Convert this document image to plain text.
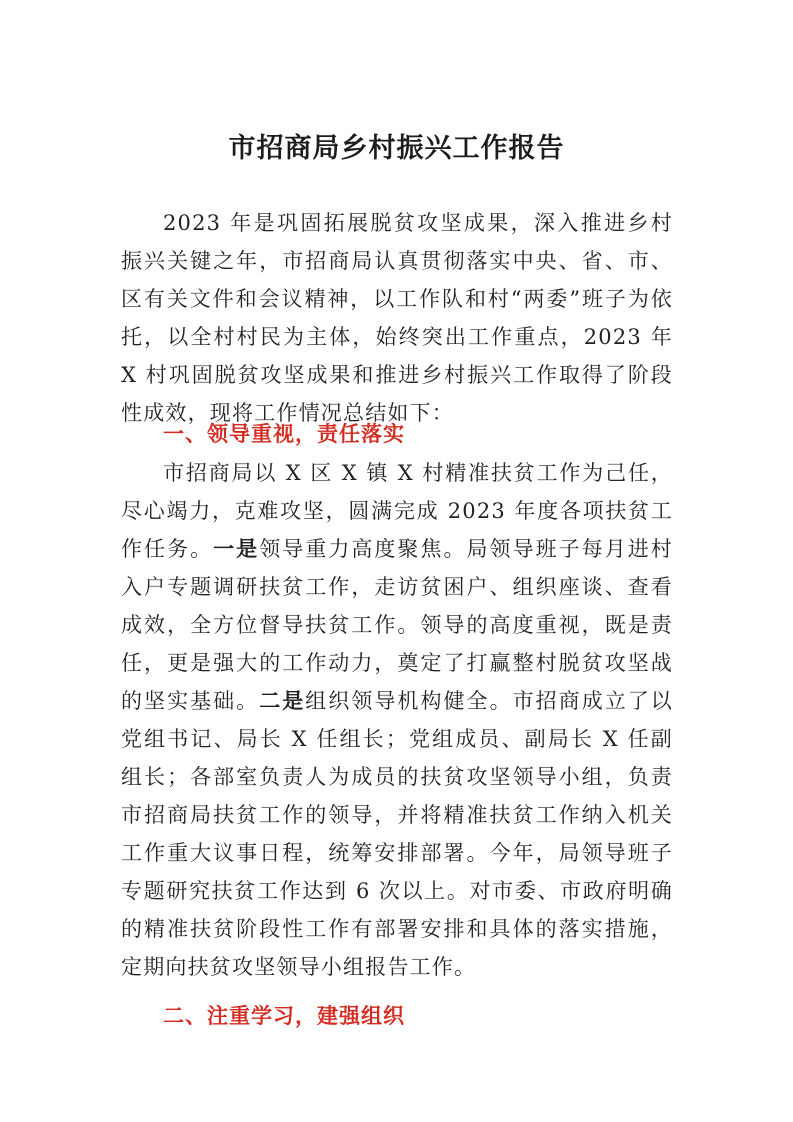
市招商局乡村振兴工作报告

2023 年是巩固拓展脱贫攻坚成果，深入推进乡村振兴关键之年，市招商局认真贯彻落实中央、省、市、区有关文件和会议精神，以工作队和村“两委”班子为依托，以全村村民为主体，始终突出工作重点，2023 年 X 村巩固脱贫攻坚成果和推进乡村振兴工作取得了阶段性成效，现将工作情况总结如下：

一、领导重视，责任落实

市招商局以 X 区 X 镇 X 村精准扶贫工作为己任，尽心竭力，克难攻坚，圆满完成 2023 年度各项扶贫工作任务。一是领导重力高度聚焦。局领导班子每月进村入户专题调研扶贫工作，走访贫困户、组织座谈、查看成效，全方位督导扶贫工作。领导的高度重视，既是责任，更是强大的工作动力，奠定了打赢整村脱贫攻坚战的坚实基础。二是组织领导机构健全。市招商成立了以党组书记、局长 X 任组长；党组成员、副局长 X 任副组长；各部室负责人为成员的扶贫攻坚领导小组，负责市招商局扶贫工作的领导，并将精准扶贫工作纳入机关工作重大议事日程，统筹安排部署。今年，局领导班子专题研究扶贫工作达到 6 次以上。对市委、市政府明确的精准扶贫阶段性工作有部署安排和具体的落实措施，定期向扶贫攻坚领导小组报告工作。

二、注重学习，建强组织
